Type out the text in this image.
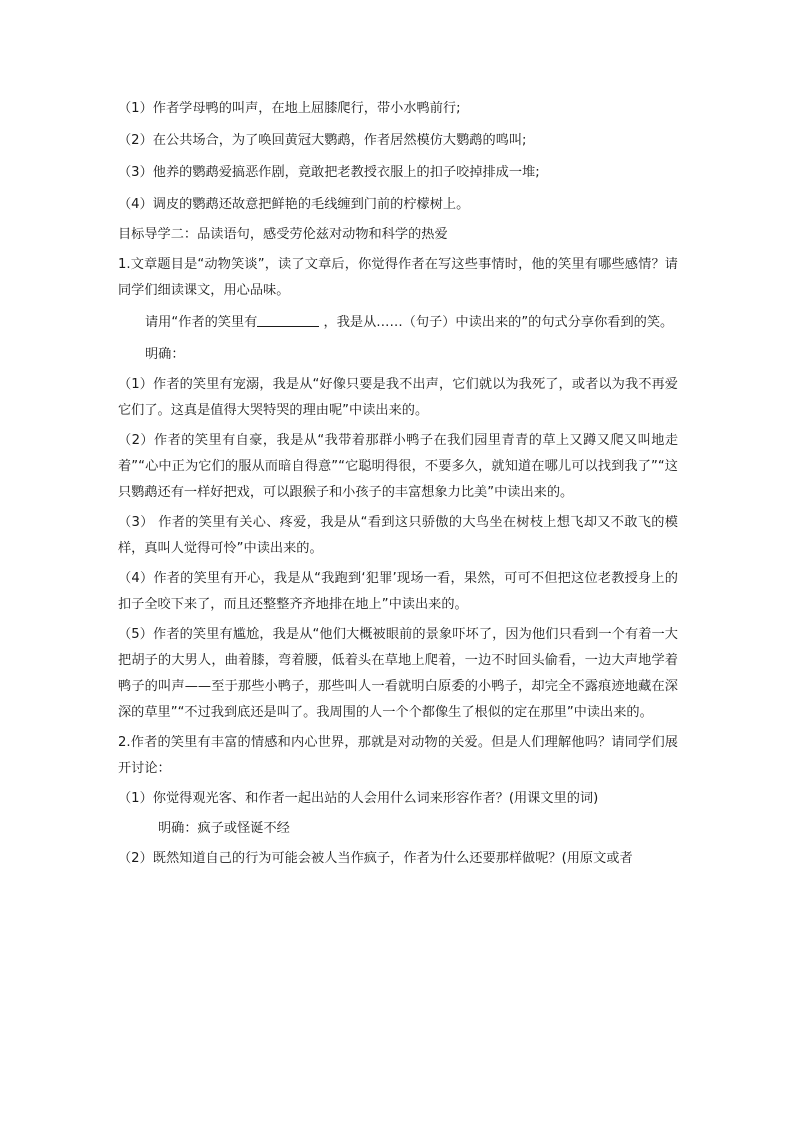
（1）作者学母鸭的叫声，在地上屈膝爬行，带小水鸭前行;

（2）在公共场合，为了唤回黄冠大鹦鹉，作者居然模仿大鹦鹉的鸣叫;

（3）他养的鹦鹉爱搞恶作剧，竟敢把老教授衣服上的扣子咬掉排成一堆;

（4）调皮的鹦鹉还故意把鲜艳的毛线缠到门前的柠檬树上。

目标导学二：品读语句，感受劳伦兹对动物和科学的热爱

1.文章题目是“动物笑谈”，读了文章后，你觉得作者在写这些事情时，他的笑里有哪些感情？请同学们细读课文，用心品味。

请用“作者的笑里有	，我是从……（句子）中读出来的”的句式分享你看到的笑。

明确：

（1）作者的笑里有宠溺，我是从“好像只要是我不出声，它们就以为我死了，或者以为我不再爱它们了。这真是值得大哭特哭的理由呢”中读出来的。

（2）作者的笑里有自豪，我是从“我带着那群小鸭子在我们园里青青的草上又蹲又爬又叫地走着”“心中正为它们的服从而暗自得意”“它聪明得很，不要多久，就知道在哪儿可以找到我了”“这只鹦鹉还有一样好把戏，可以跟猴子和小孩子的丰富想象力比美”中读出来的。

（3） 作者的笑里有关心、疼爱，我是从“看到这只骄傲的大鸟坐在树枝上想飞却又不敢飞的模样，真叫人觉得可怜”中读出来的。

（4）作者的笑里有开心，我是从“我跑到‘犯罪’现场一看，果然，可可不但把这位老教授身上的扣子全咬下来了，而且还整整齐齐地排在地上”中读出来的。

（5）作者的笑里有尴尬，我是从“他们大概被眼前的景象吓坏了，因为他们只看到一个有着一大把胡子的大男人，曲着膝，弯着腰，低着头在草地上爬着，一边不时回头偷看，一边大声地学着鸭子的叫声——至于那些小鸭子，那些叫人一看就明白原委的小鸭子，却完全不露痕迹地藏在深深的草里”“不过我到底还是叫了。我周围的人一个个都像生了根似的定在那里”中读出来的。

2.作者的笑里有丰富的情感和内心世界，那就是对动物的关爱。但是人们理解他吗？请同学们展开讨论：

（1）你觉得观光客、和作者一起出站的人会用什么词来形容作者？(用课文里的词)

明确：疯子或怪诞不经

（2）既然知道自己的行为可能会被人当作疯子，作者为什么还要那样做呢？(用原文或者
